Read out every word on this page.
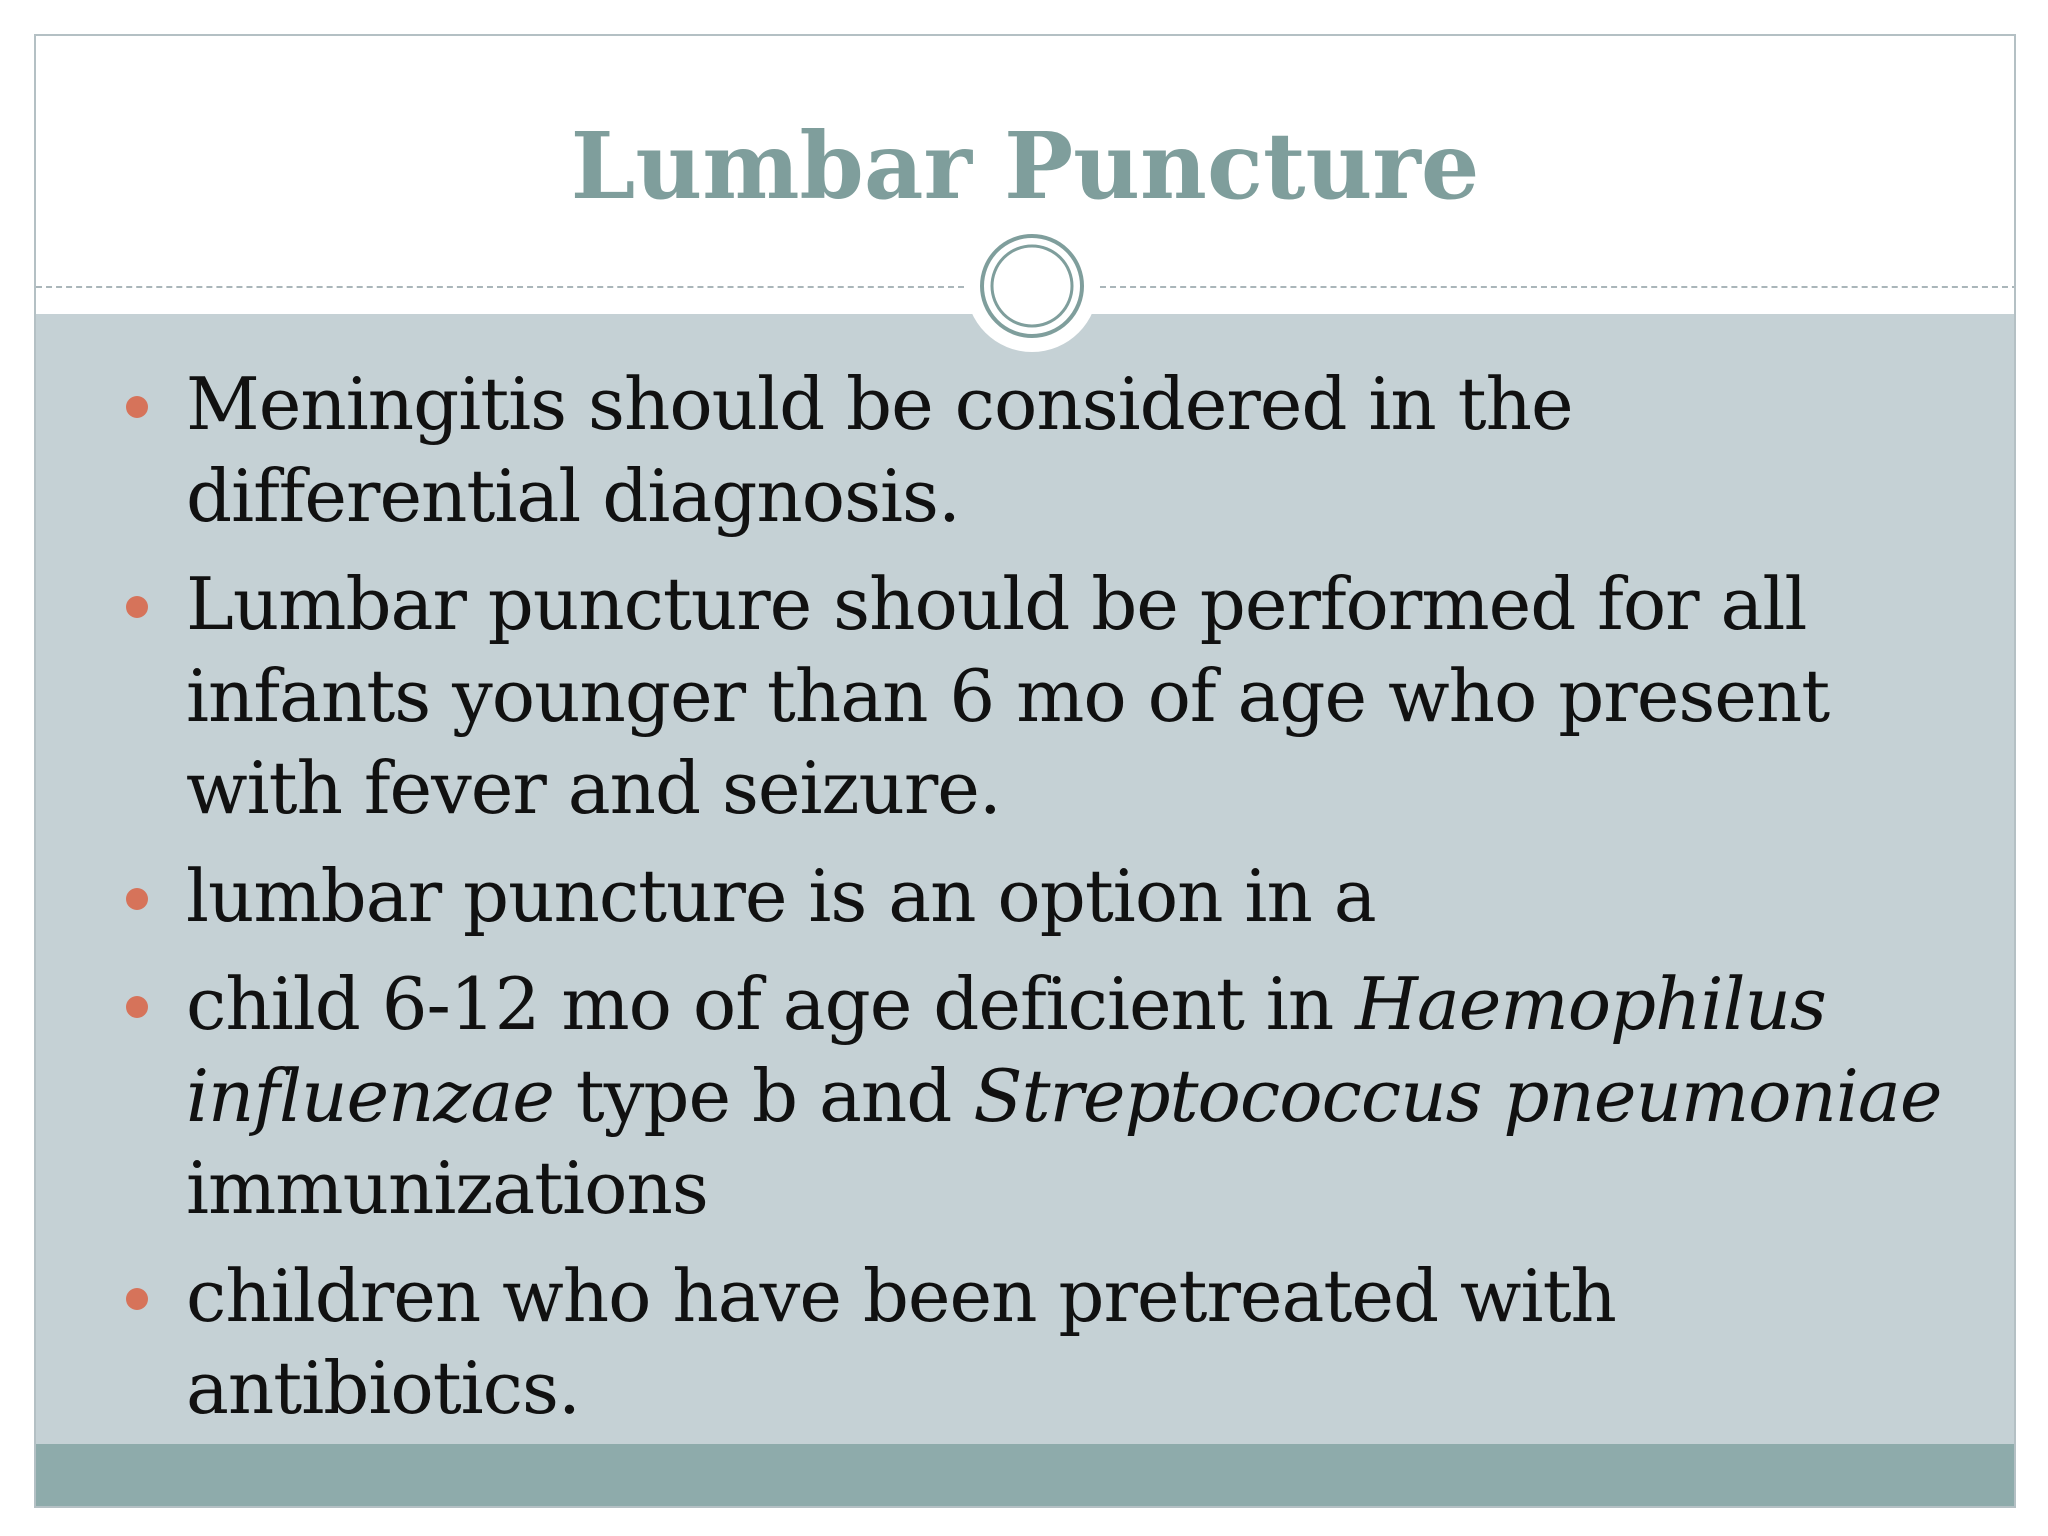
Lumbar Puncture
Meningitis should be considered in the differential diagnosis.
Lumbar puncture should be performed for all infants younger than 6 mo of age who present with fever and seizure.
lumbar puncture is an option in a
child 6-12 mo of age deficient in Haemophilus influenzae type b and Streptococcus pneumoniae immunizations
children who have been pretreated with antibiotics.
